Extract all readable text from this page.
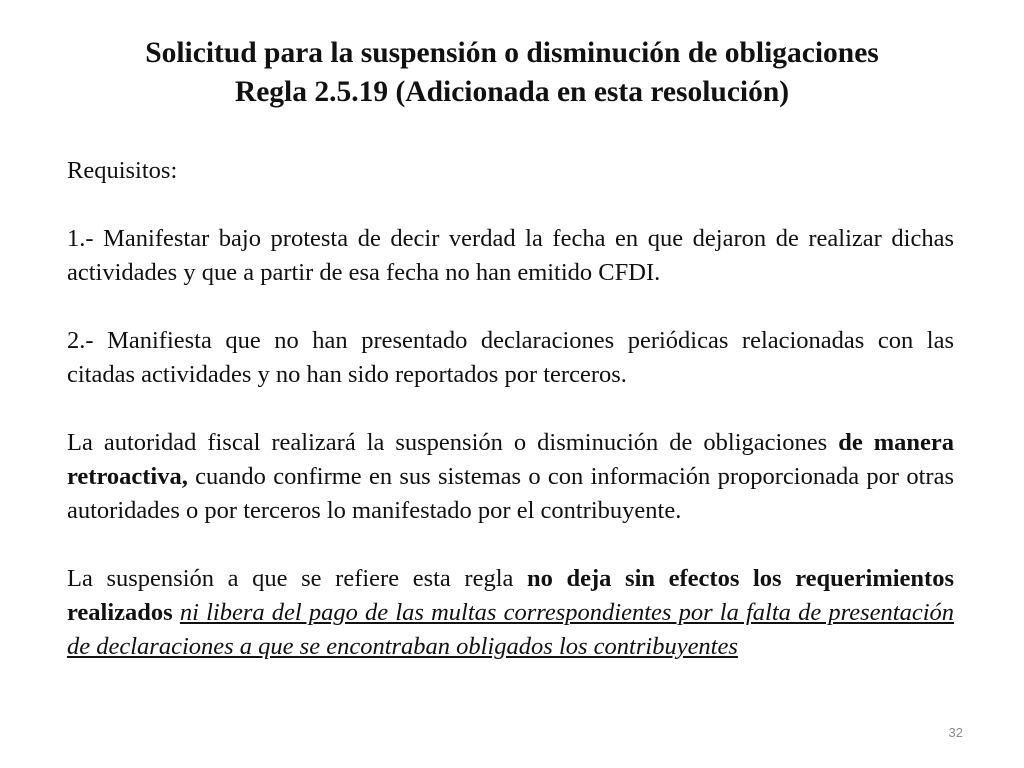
Solicitud para la suspensión o disminución de obligaciones
Regla 2.5.19 (Adicionada en esta resolución)

Requisitos:

1.- Manifestar bajo protesta de decir verdad la fecha en que dejaron de realizar dichas actividades y que a partir de esa fecha no han emitido CFDI.

2.- Manifiesta que no han presentado declaraciones periódicas relacionadas con las citadas actividades y no han sido reportados por terceros.

La autoridad fiscal realizará la suspensión o disminución de obligaciones de manera retroactiva, cuando confirme en sus sistemas o con información proporcionada por otras autoridades o por terceros lo manifestado por el contribuyente.

La suspensión a que se refiere esta regla no deja sin efectos los requerimientos realizados ni libera del pago de las multas correspondientes por la falta de presentación de declaraciones a que se encontraban obligados los contribuyentes

32
